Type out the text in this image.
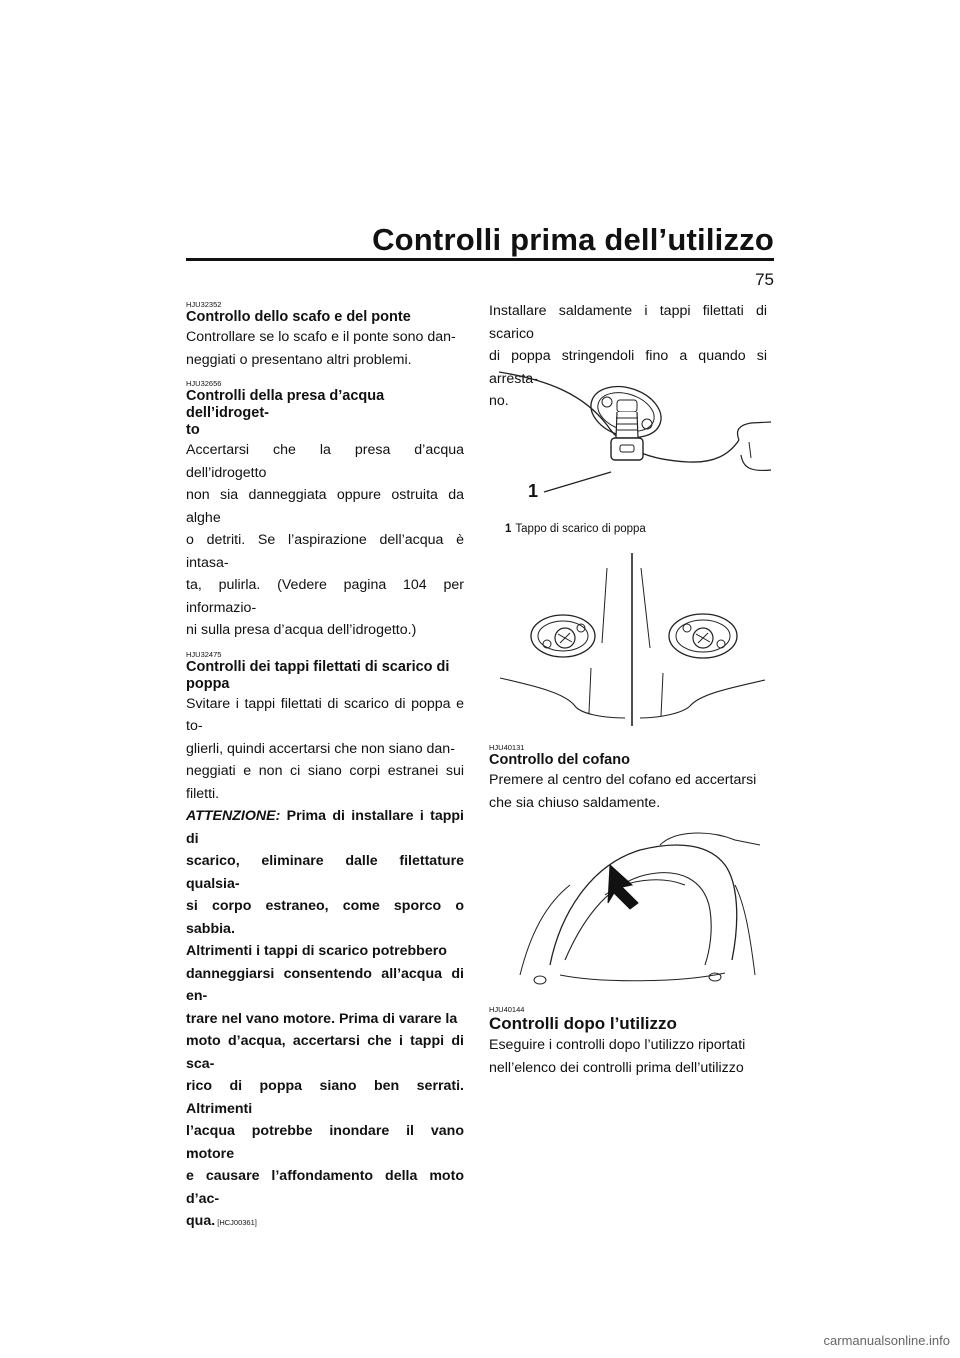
Controlli prima dell’utilizzo
75

HJU32352

Controllo dello scafo e del ponte

Controllare se lo scafo e il ponte sono dan-
neggiati o presentano altri problemi.

HJU32656

Controlli della presa d’acqua dell’idroget-
to
Accertarsi che la presa d’acqua dell’idrogetto
non sia danneggiata oppure ostruita da alghe
o detriti. Se l’aspirazione dell’acqua è intasa-
ta, pulirla. (Vedere pagina 104 per informazio-
ni sulla presa d’acqua dell’idrogetto.)

HJU32475

Controlli dei tappi filettati di scarico di
poppa
Svitare i tappi filettati di scarico di poppa e to-
glierli, quindi accertarsi che non siano dan-
neggiati e non ci siano corpi estranei sui filetti.
ATTENZIONE: Prima di installare i tappi di
scarico, eliminare dalle filettature qualsia-
si corpo estraneo, come sporco o sabbia.
Altrimenti i tappi di scarico potrebbero
danneggiarsi consentendo all’acqua di en-
trare nel vano motore. Prima di varare la
moto d’acqua, accertarsi che i tappi di sca-
rico di poppa siano ben serrati. Altrimenti
l’acqua potrebbe inondare il vano motore
e causare l’affondamento della moto d’ac-
qua. [HCJ00361]
Installare saldamente i tappi filettati di scarico
di poppa stringendoli fino a quando si arresta-
no.
1
1 Tappo di scarico di poppa

HJU40131

Controllo del cofano

Premere al centro del cofano ed accertarsi
che sia chiuso saldamente.

HJU40144

Controlli dopo l’utilizzo

Eseguire i controlli dopo l’utilizzo riportati
nell’elenco dei controlli prima dell’utilizzo
carmanualsonline.info
